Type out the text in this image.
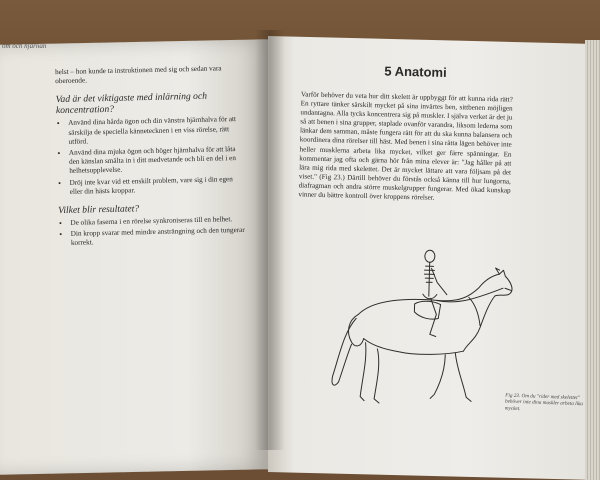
om och hjärnan

helst – hon kunde ta instruktionen med sig och sedan vara oberoende.

Vad är det viktigaste med inlärning och koncentration?
• Använd dina hårda ögon och din vänstra hjärnhalva för att särskilja de speciella kännetecknen i en viss rörelse, rätt utförd.
• Använd dina mjuka ögon och höger hjärnhalva för att låta den känslan smälta in i ditt medvetande och bli en del i en helhetsupplevelse.
• Dröj inte kvar vid ett enskilt problem, vare sig i din egen eller din hästs kroppar.
Vilket blir resultatet?
• De olika faserna i en rörelse synkroniseras till en helhet.
• Din kropp svarar med mindre ansträngning och den tungerar korrekt.
5 Anatomi

Varför behöver du veta hur ditt skelett är uppbyggt för att kunna rida rätt? En ryttare tänker särskilt mycket på sina invärtes ben, sittbenen möjligen undantagna. Alla tycks koncentrera sig på muskler. I själva verket är det ju så att benen i sina grupper, staplade ovanför varandra, liksom lederna som länkar dem samman, måste fungera rätt för att du ska kunna balansera och koordinera dina rörelser till häst. Med benen i sina rätta lägen behöver inte heller musklerna arbeta lika mycket, vilket ger färre spänningar. En kommentar jag ofta och gärna hör från mina elever är: "Jag håller på att lära mig rida med skelettet. Det är mycket lättare att vara följsam på det viset." (Fig 23.) Därtill behöver du förstås också känna till hur lungorna, diafragman och andra större muskelgrupper fungerar. Med ökad kunskap vinner du bättre kontroll över kroppens rörelser.

Fig 23. Om du "rider med skelettet" behöver inte dina muskler arbeta lika mycket.
